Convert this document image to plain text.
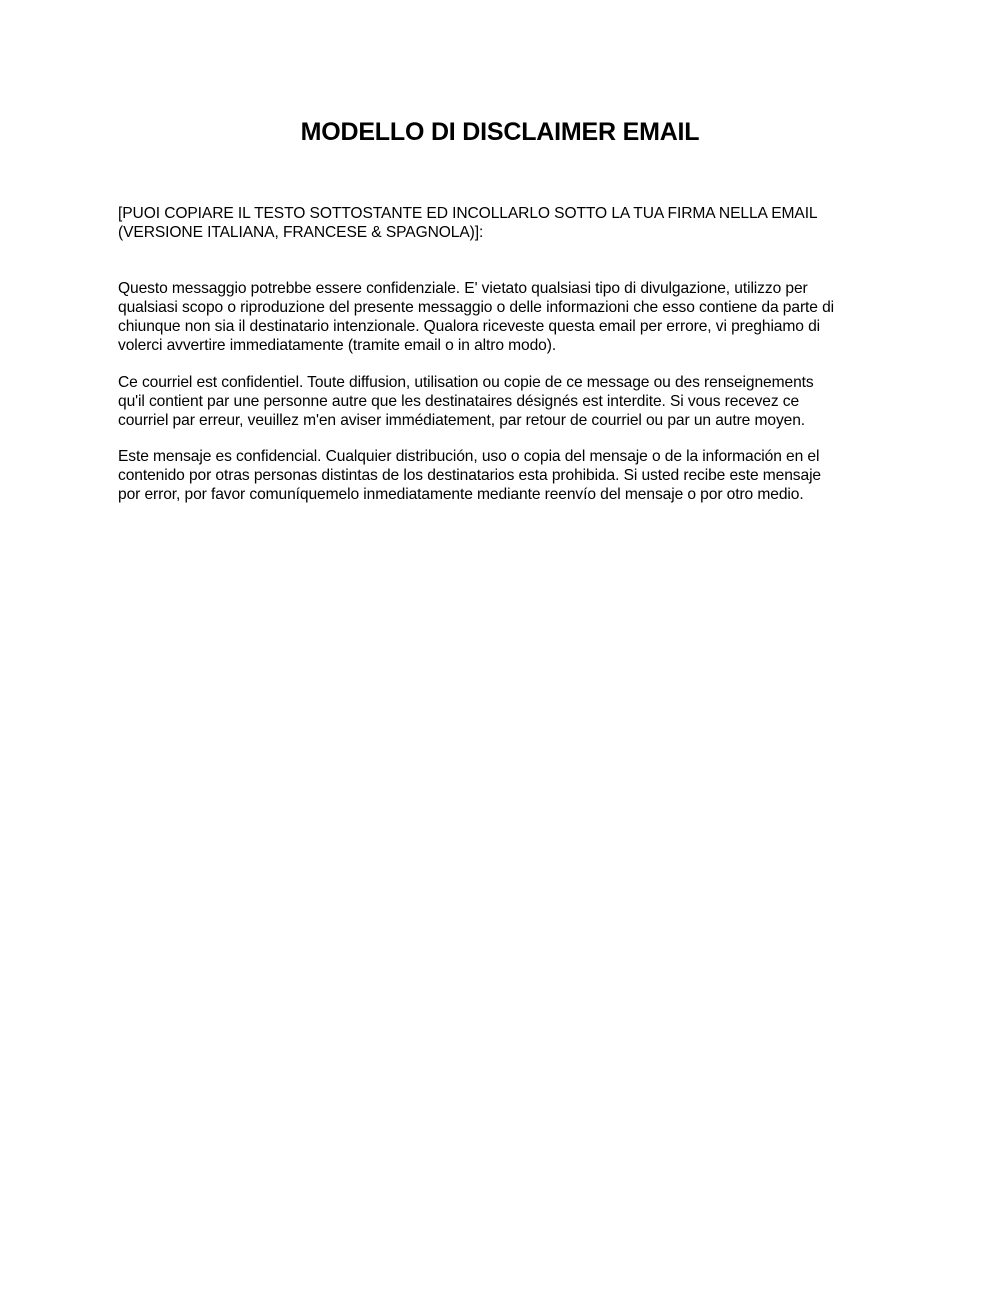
MODELLO DI DISCLAIMER EMAIL
[PUOI COPIARE IL TESTO SOTTOSTANTE ED INCOLLARLO SOTTO LA TUA FIRMA NELLA EMAIL
(VERSIONE ITALIANA, FRANCESE & SPAGNOLA)]:
Questo messaggio potrebbe essere confidenziale. E' vietato qualsiasi tipo di divulgazione, utilizzo per
qualsiasi scopo o riproduzione del presente messaggio o delle informazioni che esso contiene da parte di
chiunque non sia il destinatario intenzionale. Qualora riceveste questa email per errore, vi preghiamo di
volerci avvertire immediatamente (tramite email o in altro modo).
Ce courriel est confidentiel. Toute diffusion, utilisation ou copie de ce message ou des renseignements
qu'il contient par une personne autre que les destinataires désignés est interdite. Si vous recevez ce
courriel par erreur, veuillez m'en aviser immédiatement, par retour de courriel ou par un autre moyen.
Este mensaje es confidencial. Cualquier distribución, uso o copia del mensaje o de la información en el
contenido por otras personas distintas de los destinatarios esta prohibida. Si usted recibe este mensaje
por error, por favor comuníquemelo inmediatamente mediante reenvío del mensaje o por otro medio.
